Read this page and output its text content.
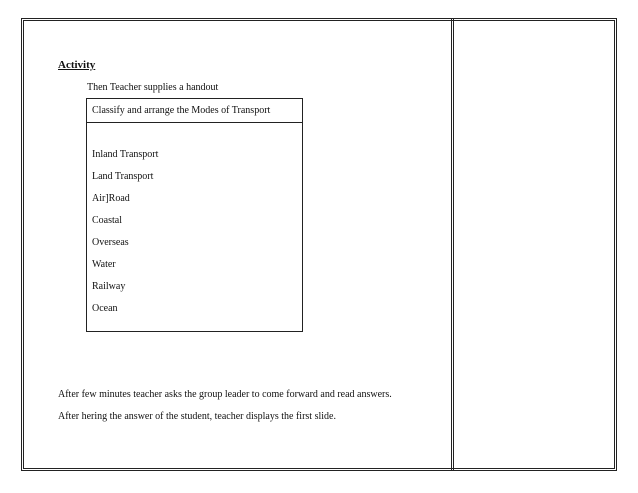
Activity

Then Teacher supplies a handout

Classify and arrange the Modes of Transport
Inland Transport
Land Transport
Air]Road
Coastal
Overseas
Water
Railway
Ocean

After few minutes teacher asks the group leader to come forward and read answers.

After hering the answer of the student, teacher displays the first slide.
